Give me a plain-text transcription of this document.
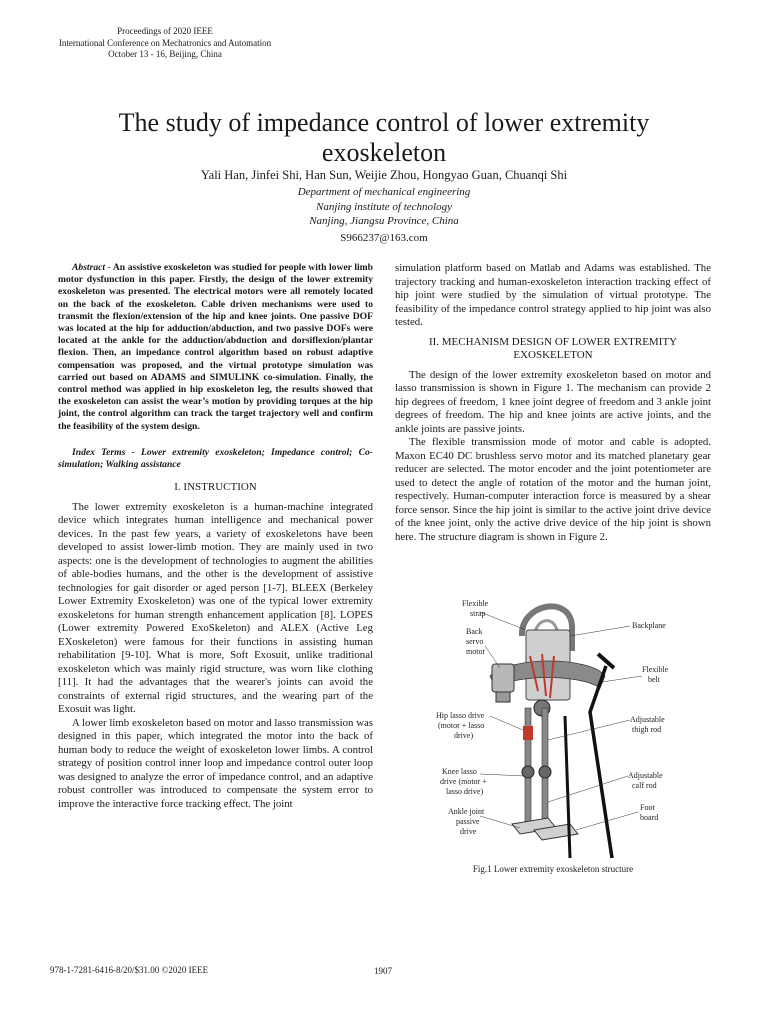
Proceedings of 2020 IEEE
International Conference on Mechatronics and Automation
October 13 - 16, Beijing, China
The study of impedance control of lower extremity exoskeleton
Yali Han, Jinfei Shi, Han Sun, Weijie Zhou, Hongyao Guan, Chuanqi Shi
Department of mechanical engineering
Nanjing institute of technology
Nanjing, Jiangsu Province, China
S966237@163.com

Abstract - An assistive exoskeleton was studied for people with lower limb motor dysfunction in this paper. Firstly, the design of the lower extremity exoskeleton was presented. The electrical motors were all remotely located on the back of the exoskeleton. Cable driven mechanisms were used to transmit the flexion/extension of the hip and knee joints. One passive DOF was located at the hip for adduction/abduction, and two passive DOFs were located at the ankle for the adduction/abduction and dorsiflexion/plantar flexion. Then, an impedance control algorithm based on robust adaptive compensation was proposed, and the virtual prototype simulation was carried out based on ADAMS and SIMULINK co-simulation. Finally, the control method was applied in hip exoskeleton leg, the results showed that the exoskeleton can assist the wear’s motion by providing torques at the hip joint, the control algorithm can track the target trajectory well and confirm the feasibility of the system design.

Index Terms - Lower extremity exoskeleton; Impedance control; Co-simulation; Walking assistance

I. INSTRUCTION

The lower extremity exoskeleton is a human-machine integrated device which integrates human intelligence and mechanical power devices. In the past few years, a variety of exoskeletons have been developed to assist lower-limb motion. They are mainly used in two aspects: one is the development of technologies to augment the abilities of able-bodies humans, and the other is the development of assistive technologies for gait disorder or aged person [1-7]. BLEEX (Berkeley Lower Extremity Exoskeleton) was one of the typical lower extremity exoskeletons for human strength enhancement application [8]. LOPES (Lower extremity Powered ExoSkeleton) and ALEX (Active Leg EXoskeleton) were famous for their functions in assisting human rehabilitation [9-10]. What is more, Soft Exosuit, unlike traditional exoskeleton which was mainly rigid structure, was worn like clothing [11]. It had the advantages that the wearer's joints can avoid the constraints of external rigid structures, and the wearing part of the Exosuit was light.

A lower limb exoskeleton based on motor and lasso transmission was designed in this paper, which integrated the motor into the back of human body to reduce the weight of exoskeleton lower limbs. A control strategy of position control inner loop and impedance control outer loop was designed to analyze the error of impedance control, and an adaptive robust controller was introduced to compensate the system error to improve the interactive force tracking effect. The joint

simulation platform based on Matlab and Adams was established. The trajectory tracking and human-exoskeleton interaction tracking effect of hip joint were studied by the simulation of virtual prototype. The feasibility of the impedance control strategy applied to hip joint was also tested.

II. MECHANISM DESIGN OF LOWER EXTREMITY EXOSKELETON

The design of the lower extremity exoskeleton based on motor and lasso transmission is shown in Figure 1. The mechanism can provide 2 hip degrees of freedom, 1 knee joint degree of freedom and 3 ankle joint degrees of freedom. The hip and knee joints are active joints, and the ankle joints are passive joints.

The flexible transmission mode of motor and cable is adopted. Maxon EC40 DC brushless servo motor and its matched planetary gear reducer are selected. The motor encoder and the joint potentiometer are used to detect the angle of rotation of the motor and the human joint, respectively. Human-computer interaction force is measured by a shear force sensor. Since the hip joint is similar to the active joint drive device of the knee joint, only the active drive device of the hip joint is shown here. The structure diagram is shown in Figure 2.

Flexible strap
Back servo motor
Backplane
Flexible belt
Hip lasso drive (motor + lasso drive)
Adjustable thigh rod
Knee lasso drive (motor + lasso drive)
Adjustable calf rod
Ankle joint passive drive
Foot board
Fig.1 Lower extremity exoskeleton structure
978-1-7281-6416-8/20/$31.00 ©2020 IEEE	1907
